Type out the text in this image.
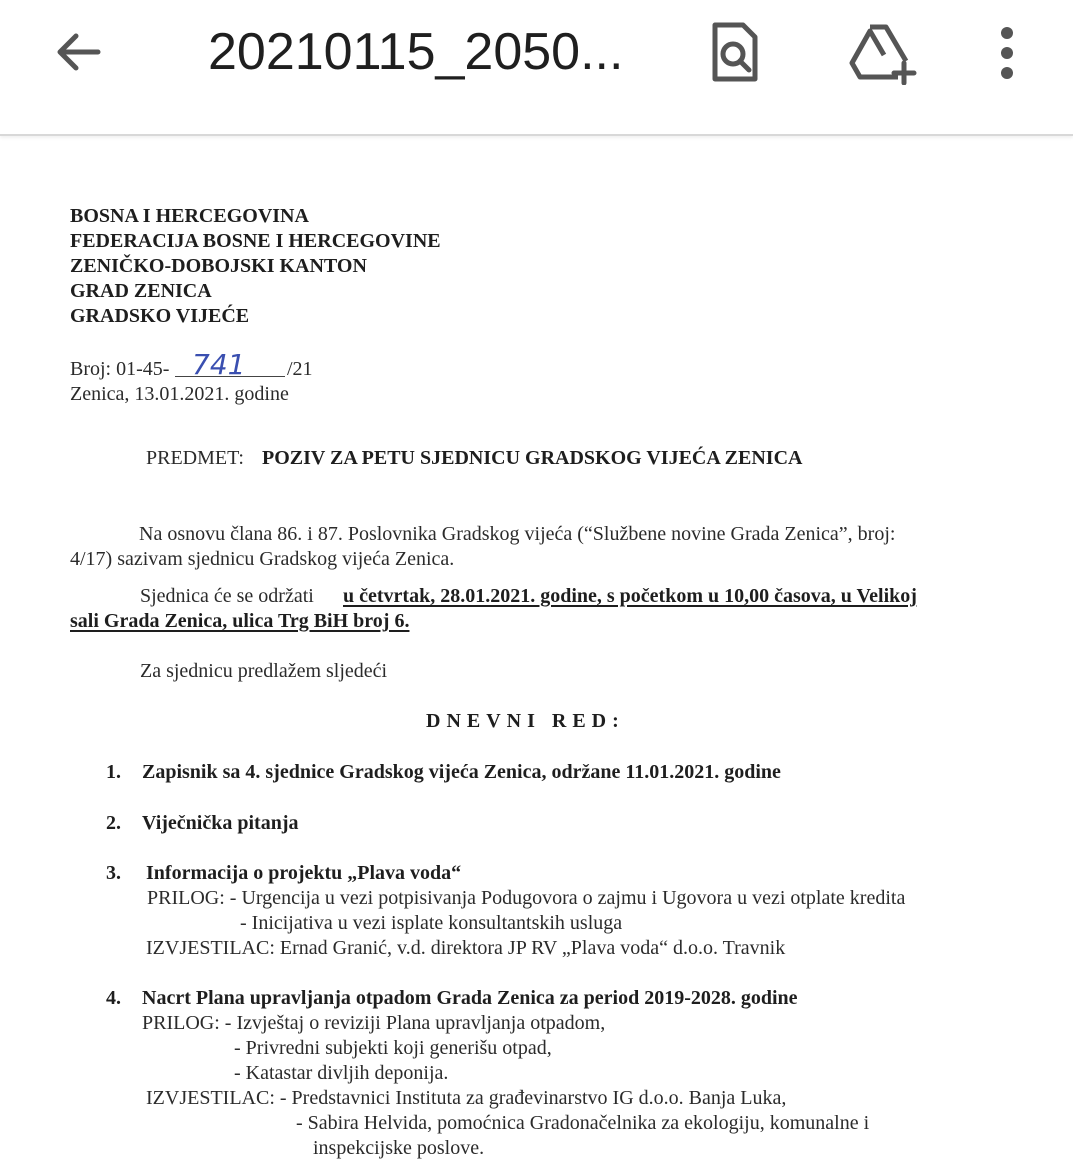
20210115_2050...
BOSNA I HERCEGOVINA
FEDERACIJA BOSNE I HERCEGOVINE
ZENIČKO-DOBOJSKI KANTON
GRAD ZENICA
GRADSKO VIJEĆE
Broj: 01-45- 741 /21
Zenica, 13.01.2021. godine
PREDMET: POZIV ZA PETU SJEDNICU GRADSKOG VIJEĆA ZENICA
Na osnovu člana 86. i 87. Poslovnika Gradskog vijeća (“Službene novine Grada Zenica”, broj:
4/17) sazivam sjednicu Gradskog vijeća Zenica.
Sjednica će se održati u četvrtak, 28.01.2021. godine, s početkom u 10,00 časova, u Velikoj
sali Grada Zenica, ulica Trg BiH broj 6.
Za sjednicu predlažem sljedeći
DNEVNI RED:
1. Zapisnik sa 4. sjednice Gradskog vijeća Zenica, održane 11.01.2021. godine
2. Viječnička pitanja
3. Informacija o projektu „Plava voda“
PRILOG: - Urgencija u vezi potpisivanja Podugovora o zajmu i Ugovora u vezi otplate kredita
- Inicijativa u vezi isplate konsultantskih usluga
IZVJESTILAC: Ernad Granić, v.d. direktora JP RV „Plava voda“ d.o.o. Travnik
4. Nacrt Plana upravljanja otpadom Grada Zenica za period 2019-2028. godine
PRILOG: - Izvještaj o reviziji Plana upravljanja otpadom,
- Privredni subjekti koji generišu otpad,
- Katastar divljih deponija.
IZVJESTILAC: - Predstavnici Instituta za građevinarstvo IG d.o.o. Banja Luka,
- Sabira Helvida, pomoćnica Gradonačelnika za ekologiju, komunalne i
inspekcijske poslove.
